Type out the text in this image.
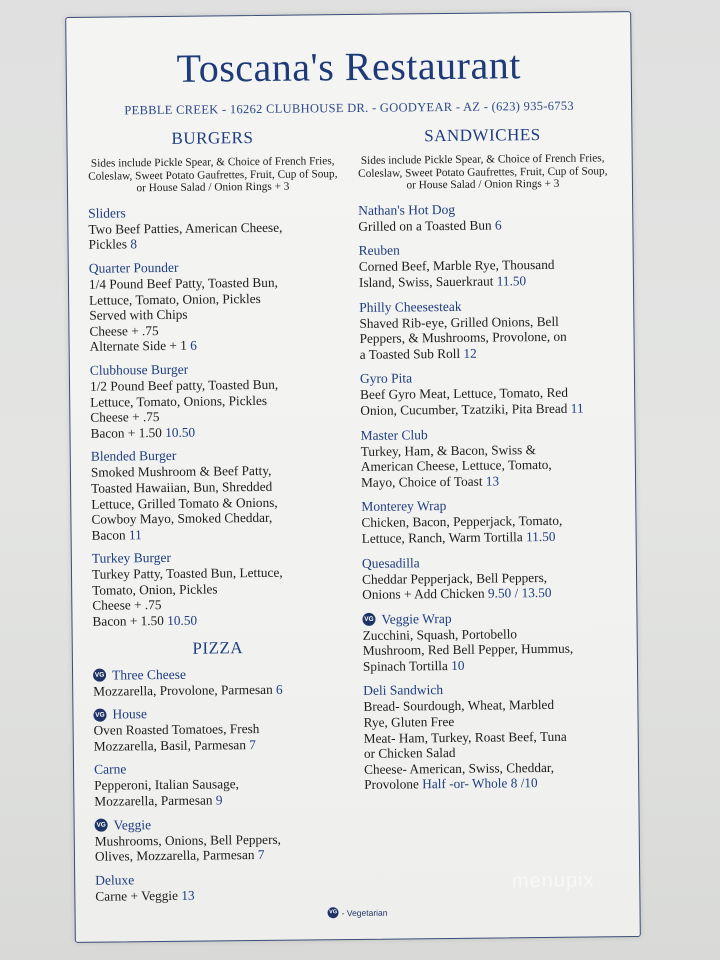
Toscana's Restaurant
PEBBLE CREEK - 16262 CLUBHOUSE DR. - GOODYEAR - AZ - (623) 935-6753
BURGERS
Sides include Pickle Spear, & Choice of French Fries, Coleslaw, Sweet Potato Gaufrettes, Fruit, Cup of Soup, or House Salad / Onion Rings + 3
Sliders
Two Beef Patties, American Cheese,
Pickles 8
Quarter Pounder
1/4 Pound Beef Patty, Toasted Bun,
Lettuce, Tomato, Onion, Pickles
Served with Chips
Cheese + .75
Alternate Side + 1 6
Clubhouse Burger
1/2 Pound Beef patty, Toasted Bun,
Lettuce, Tomato, Onions, Pickles
Cheese + .75
Bacon + 1.50 10.50
Blended Burger
Smoked Mushroom & Beef Patty,
Toasted Hawaiian, Bun, Shredded
Lettuce, Grilled Tomato & Onions,
Cowboy Mayo, Smoked Cheddar,
Bacon 11
Turkey Burger
Turkey Patty, Toasted Bun, Lettuce,
Tomato, Onion, Pickles
Cheese + .75
Bacon + 1.50 10.50
PIZZA
VG Three Cheese
Mozzarella, Provolone, Parmesan 6
VG House
Oven Roasted Tomatoes, Fresh
Mozzarella, Basil, Parmesan 7
Carne
Pepperoni, Italian Sausage,
Mozzarella, Parmesan 9
VG Veggie
Mushrooms, Onions, Bell Peppers,
Olives, Mozzarella, Parmesan 7
Deluxe
Carne + Veggie 13
SANDWICHES
Sides include Pickle Spear, & Choice of French Fries, Coleslaw, Sweet Potato Gaufrettes, Fruit, Cup of Soup, or House Salad / Onion Rings + 3
Nathan's Hot Dog
Grilled on a Toasted Bun 6
Reuben
Corned Beef, Marble Rye, Thousand
Island, Swiss, Sauerkraut 11.50
Philly Cheesesteak
Shaved Rib-eye, Grilled Onions, Bell
Peppers, & Mushrooms, Provolone, on
a Toasted Sub Roll 12
Gyro Pita
Beef Gyro Meat, Lettuce, Tomato, Red
Onion, Cucumber, Tzatziki, Pita Bread 11
Master Club
Turkey, Ham, & Bacon, Swiss &
American Cheese, Lettuce, Tomato,
Mayo, Choice of Toast 13
Monterey Wrap
Chicken, Bacon, Pepperjack, Tomato,
Lettuce, Ranch, Warm Tortilla 11.50
Quesadilla
Cheddar Pepperjack, Bell Peppers,
Onions + Add Chicken 9.50 / 13.50
VG Veggie Wrap
Zucchini, Squash, Portobello
Mushroom, Red Bell Pepper, Hummus,
Spinach Tortilla 10
Deli Sandwich
Bread- Sourdough, Wheat, Marbled
Rye, Gluten Free
Meat- Ham, Turkey, Roast Beef, Tuna
or Chicken Salad
Cheese- American, Swiss, Cheddar,
Provolone Half -or- Whole 8 /10
VG - Vegetarian
menupix
